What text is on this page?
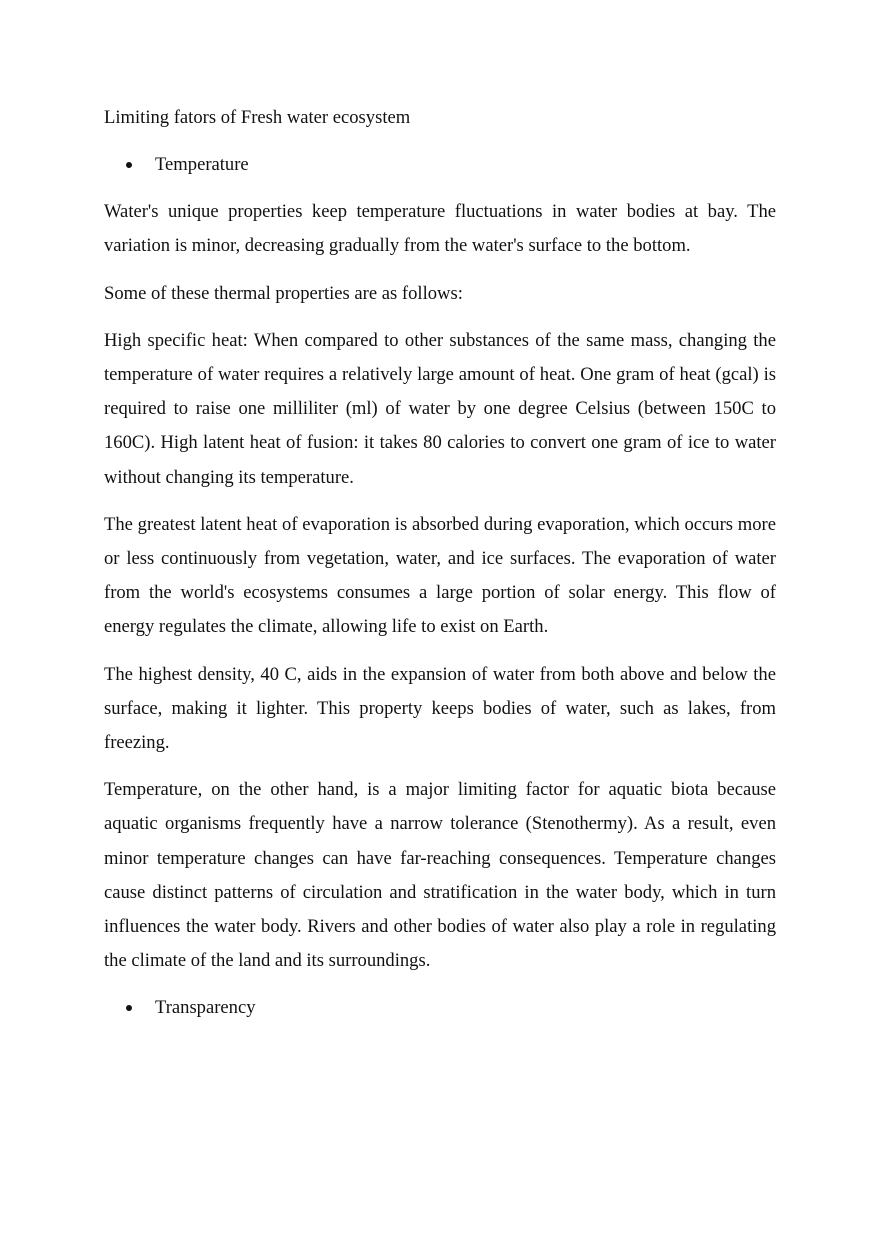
Limiting fators of Fresh water ecosystem

Temperature

Water's unique properties keep temperature fluctuations in water bodies at bay. The variation is minor, decreasing gradually from the water's surface to the bottom.

Some of these thermal properties are as follows:

High specific heat: When compared to other substances of the same mass, changing the temperature of water requires a relatively large amount of heat. One gram of heat (gcal) is required to raise one milliliter (ml) of water by one degree Celsius (between 150C to 160C). High latent heat of fusion: it takes 80 calories to convert one gram of ice to water without changing its temperature.

The greatest latent heat of evaporation is absorbed during evaporation, which occurs more or less continuously from vegetation, water, and ice surfaces. The evaporation of water from the world's ecosystems consumes a large portion of solar energy. This flow of energy regulates the climate, allowing life to exist on Earth.

The highest density, 40 C, aids in the expansion of water from both above and below the surface, making it lighter. This property keeps bodies of water, such as lakes, from freezing.

Temperature, on the other hand, is a major limiting factor for aquatic biota because aquatic organisms frequently have a narrow tolerance (Stenothermy). As a result, even minor temperature changes can have far-reaching consequences. Temperature changes cause distinct patterns of circulation and stratification in the water body, which in turn influences the water body. Rivers and other bodies of water also play a role in regulating the climate of the land and its surroundings.

Transparency
